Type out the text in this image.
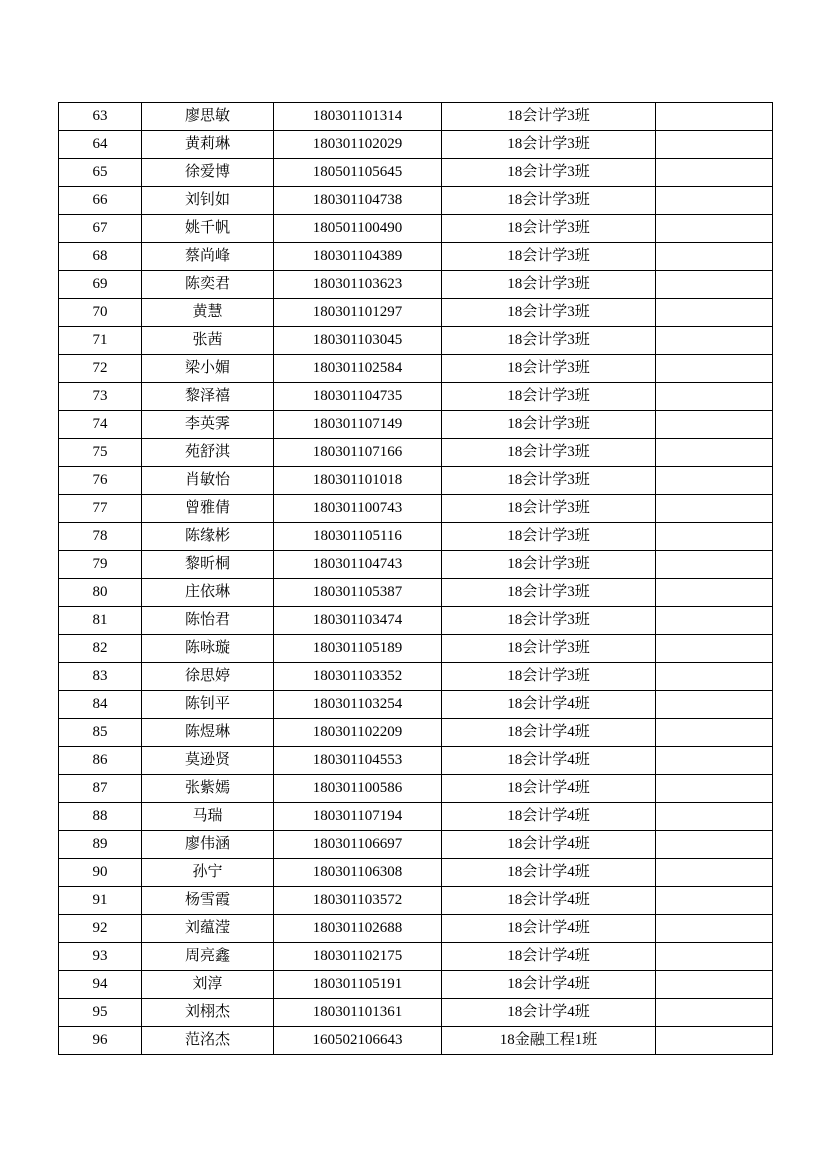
63	廖思敏	180301101314	18会计学3班	
64	黄莉琳	180301102029	18会计学3班	
65	徐爱博	180501105645	18会计学3班	
66	刘钊如	180301104738	18会计学3班	
67	姚千帆	180501100490	18会计学3班	
68	蔡尚峰	180301104389	18会计学3班	
69	陈奕君	180301103623	18会计学3班	
70	黄慧	180301101297	18会计学3班	
71	张茜	180301103045	18会计学3班	
72	梁小媚	180301102584	18会计学3班	
73	黎泽禧	180301104735	18会计学3班	
74	李英霁	180301107149	18会计学3班	
75	苑舒淇	180301107166	18会计学3班	
76	肖敏怡	180301101018	18会计学3班	
77	曾雅倩	180301100743	18会计学3班	
78	陈缘彬	180301105116	18会计学3班	
79	黎昕桐	180301104743	18会计学3班	
80	庄依琳	180301105387	18会计学3班	
81	陈怡君	180301103474	18会计学3班	
82	陈咏璇	180301105189	18会计学3班	
83	徐思婷	180301103352	18会计学3班	
84	陈钊平	180301103254	18会计学4班	
85	陈煜琳	180301102209	18会计学4班	
86	莫逊贤	180301104553	18会计学4班	
87	张紫嫣	180301100586	18会计学4班	
88	马瑞	180301107194	18会计学4班	
89	廖伟涵	180301106697	18会计学4班	
90	孙宁	180301106308	18会计学4班	
91	杨雪霞	180301103572	18会计学4班	
92	刘蕴滢	180301102688	18会计学4班	
93	周亮鑫	180301102175	18会计学4班	
94	刘淳	180301105191	18会计学4班	
95	刘栩杰	180301101361	18会计学4班	
96	范洺杰	160502106643	18金融工程1班	
